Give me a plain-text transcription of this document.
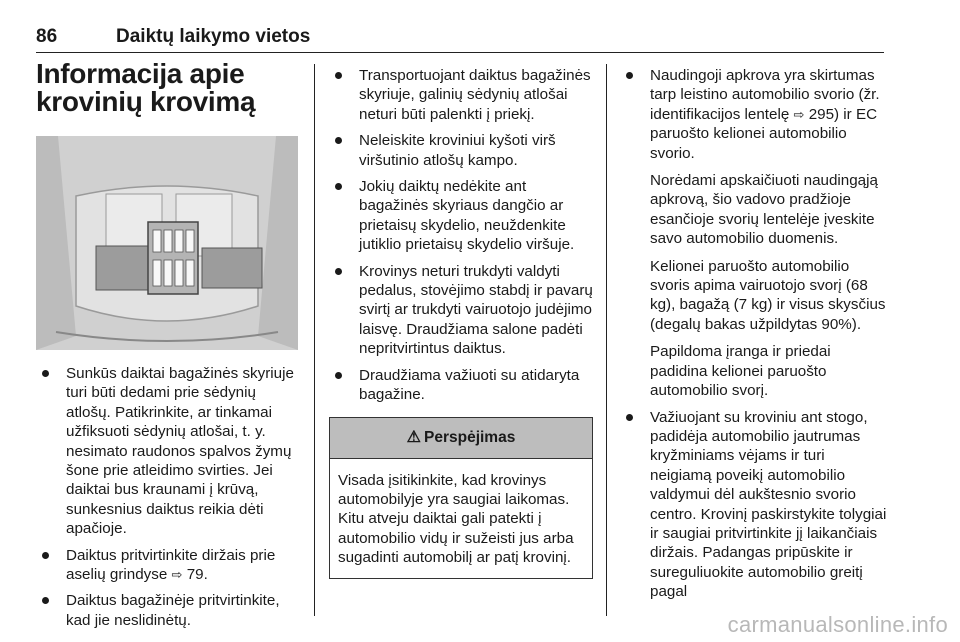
86	Daiktų laikymo vietos
Informacija apie
krovinių krovimą
Sunkūs daiktai bagažinės skyriuje turi būti dedami prie sėdynių atlošų. Patikrinkite, ar tinkamai užfiksuoti sėdynių atlošai, t. y. nesimato raudonos spalvos žymų šone prie atleidimo svirties. Jei daiktai bus kraunami į krūvą, sunkesnius daiktus reikia dėti apačioje.
Daiktus pritvirtinkite diržais prie aselių grindyse ⇨ 79.
Daiktus bagažinėje pritvirtinkite, kad jie neslidinėtų.
Transportuojant daiktus bagažinės skyriuje, galinių sėdynių atlošai neturi būti palenkti į priekį.
Neleiskite kroviniui kyšoti virš viršutinio atlošų kampo.
Jokių daiktų nedėkite ant bagažinės skyriaus dangčio ar prietaisų skydelio, neuždenkite jutiklio prietaisų skydelio viršuje.
Krovinys neturi trukdyti valdyti pedalus, stovėjimo stabdį ir pavarų svirtį ar trukdyti vairuotojo judėjimo laisvę. Draudžiama salone padėti nepritvirtintus daiktus.
Draudžiama važiuoti su atidaryta bagažine.
⚠ Perspėjimas
Visada įsitikinkite, kad krovinys automobilyje yra saugiai laikomas. Kitu atveju daiktai gali patekti į automobilio vidų ir sužeisti jus arba sugadinti automobilį ar patį krovinį.
Naudingoji apkrova yra skirtumas tarp leistino automobilio svorio (žr. identifikacijos lentelę ⇨ 295) ir EC paruošto kelionei automobilio svorio.
Norėdami apskaičiuoti naudingąją apkrovą, šio vadovo pradžioje esančioje svorių lentelėje įveskite savo automobilio duomenis.
Kelionei paruošto automobilio svoris apima vairuotojo svorį (68 kg), bagažą (7 kg) ir visus skysčius (degalų bakas užpildytas 90%).
Papildoma įranga ir priedai padidina kelionei paruošto automobilio svorį.
Važiuojant su kroviniu ant stogo, padidėja automobilio jautrumas kryžminiams vėjams ir turi neigiamą poveikį automobilio valdymui dėl aukštesnio svorio centro. Krovinį paskirstykite tolygiai ir saugiai pritvirtinkite jį laikančiais diržais. Padangas pripūskite ir sureguliuokite automobilio greitį pagal
carmanualsonline.info
